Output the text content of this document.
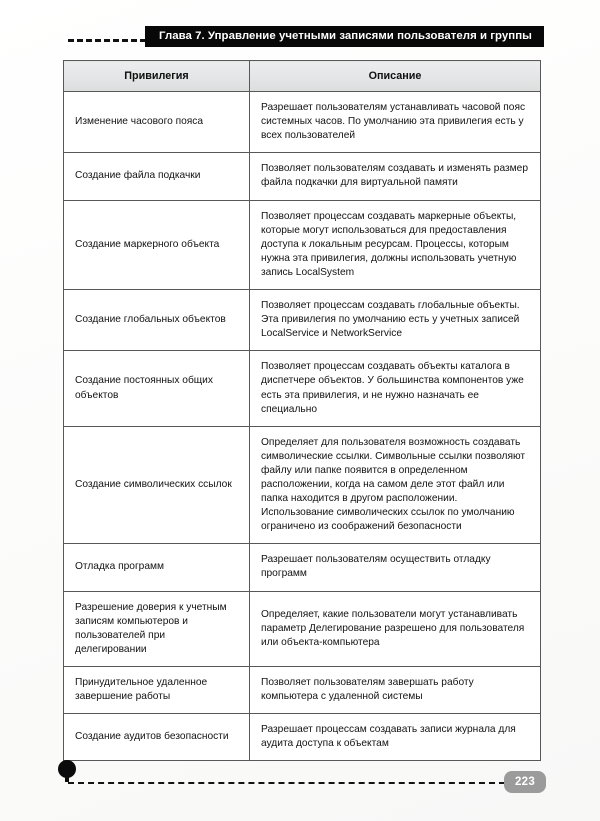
Глава 7. Управление учетными записями пользователя и группы
Привилегия	Описание
Изменение часового пояса	Разрешает пользователям устанавливать часовой пояс системных часов. По умолчанию эта привилегия есть у всех пользователей
Создание файла подкачки	Позволяет пользователям создавать и изменять размер файла подкачки для виртуальной памяти
Создание маркерного объекта	Позволяет процессам создавать маркерные объекты, которые могут использоваться для предоставления доступа к локальным ресурсам. Процессы, которым нужна эта привилегия, должны использовать учетную запись LocalSystem
Создание глобальных объектов	Позволяет процессам создавать глобальные объекты. Эта привилегия по умолчанию есть у учетных записей LocalService и NetworkService
Создание постоянных общих объектов	Позволяет процессам создавать объекты каталога в диспетчере объектов. У большинства компонентов уже есть эта привилегия, и не нужно назначать ее специально
Создание символических ссылок	Определяет для пользователя возможность создавать символические ссылки. Символьные ссылки позволяют файлу или папке появится в определенном расположении, когда на самом деле этот файл или папка находится в другом расположении. Использование символических ссылок по умолчанию ограничено из соображений безопасности
Отладка программ	Разрешает пользователям осуществить отладку программ
Разрешение доверия к учетным записям компьютеров и пользователей при делегировании	Определяет, какие пользователи могут устанавливать параметр Делегирование разрешено для пользователя или объекта-компьютера
Принудительное удаленное завершение работы	Позволяет пользователям завершать работу компьютера с удаленной системы
Создание аудитов безопасности	Разрешает процессам создавать записи журнала для аудита доступа к объектам
223
